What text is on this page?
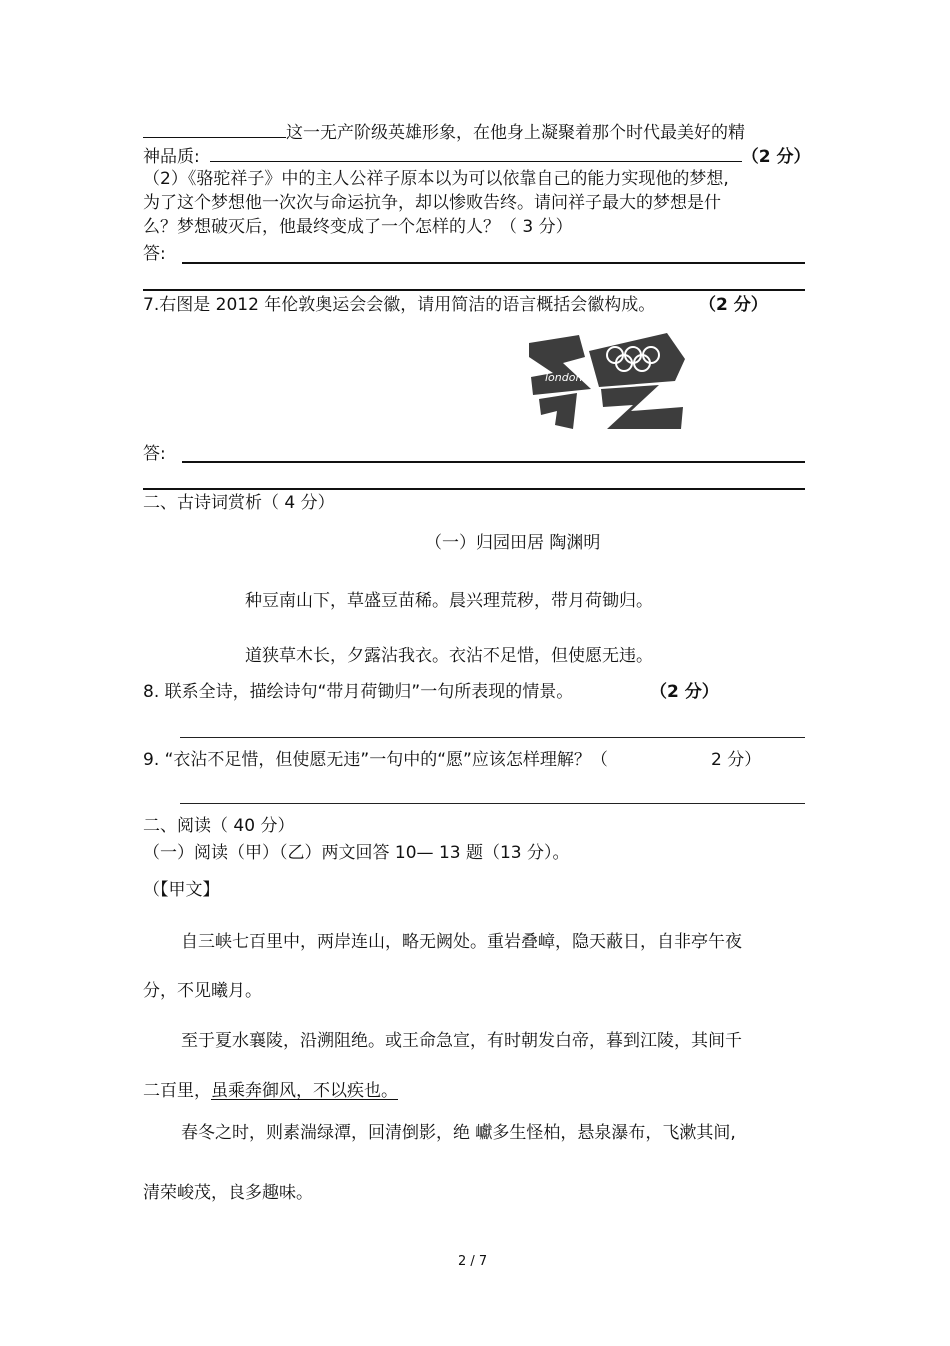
这一无产阶级英雄形象，在他身上凝聚着那个时代最美好的精
神品质:	（2 分）
（2）《骆驼祥子》中的主人公祥子原本以为可以依靠自己的能力实现他的梦想,
为了这个梦想他一次次与命运抗争，却以惨败告终。请问祥子最大的梦想是什
么？梦想破灭后，他最终变成了一个怎样的人？（ 3 分）
答:
7.右图是 2012 年伦敦奥运会会徽，请用简洁的语言概括会徽构成。	（2 分）
london
答:
二、古诗词赏析（ 4 分）
（一）归园田居 陶渊明
种豆南山下，草盛豆苗稀。晨兴理荒秽，带月荷锄归。
道狭草木长，夕露沾我衣。衣沾不足惜，但使愿无违。
8. 联系全诗，描绘诗句“带月荷锄归”一句所表现的情景。	（2 分）
9. “衣沾不足惜，但使愿无违”一句中的“愿”应该怎样理解？（	2 分）
二、阅读（ 40 分）
（一）阅读（甲）（乙）两文回答 10— 13 题（13 分）。
（【甲文】
自三峡七百里中，两岸连山，略无阙处。重岩叠嶂，隐天蔽日，自非亭午夜
分，不见曦月。
至于夏水襄陵，沿溯阻绝。或王命急宣，有时朝发白帝，暮到江陵，其间千
二百里，虽乘奔御风，不以疾也。
春冬之时，则素湍绿潭，回清倒影，绝 巘多生怪柏，悬泉瀑布，飞漱其间,
清荣峻茂，良多趣味。
2 / 7
